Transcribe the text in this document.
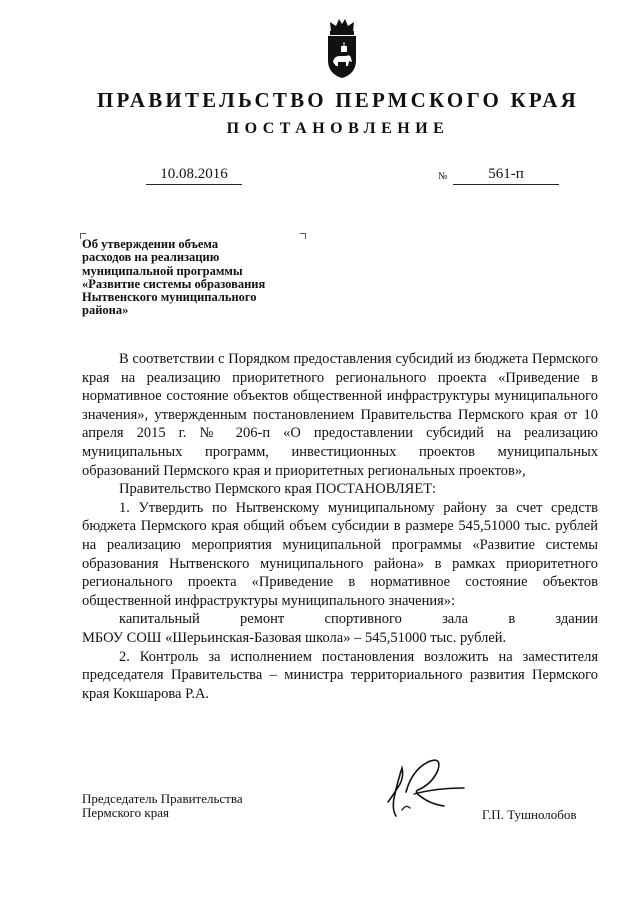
ПРАВИТЕЛЬСТВО ПЕРМСКОГО КРАЯ
ПОСТАНОВЛЕНИЕ
10.08.2016	№	561-п
Об утверждении объема
расходов на реализацию
муниципальной программы
«Развитие системы образования
Нытвенского муниципального
района»

В соответствии с Порядком предоставления субсидий из бюджета Пермского края на реализацию приоритетного регионального проекта «Приведение в нормативное состояние объектов общественной инфраструктуры муниципального значения», утвержденным постановлением Правительства Пермского края от 10 апреля 2015 г. № 206-п «О предоставлении субсидий на реализацию муниципальных программ, инвестиционных проектов муниципальных образований Пермского края и приоритетных региональных проектов»,

Правительство Пермского края ПОСТАНОВЛЯЕТ:

1. Утвердить по Нытвенскому муниципальному району за счет средств бюджета Пермского края общий объем субсидии в размере 545,51000 тыс. рублей на реализацию мероприятия муниципальной программы «Развитие системы образования Нытвенского муниципального района» в рамках приоритетного регионального проекта «Приведение в нормативное состояние объектов общественной инфраструктуры муниципального значения»:

капитальный ремонт спортивного зала в здании

МБОУ СОШ «Шерьинская-Базовая школа» – 545,51000 тыс. рублей.

2. Контроль за исполнением постановления возложить на заместителя председателя Правительства – министра территориального развития Пермского края Кокшарова Р.А.

Председатель Правительства
Пермского края	Г.П. Тушнолобов
